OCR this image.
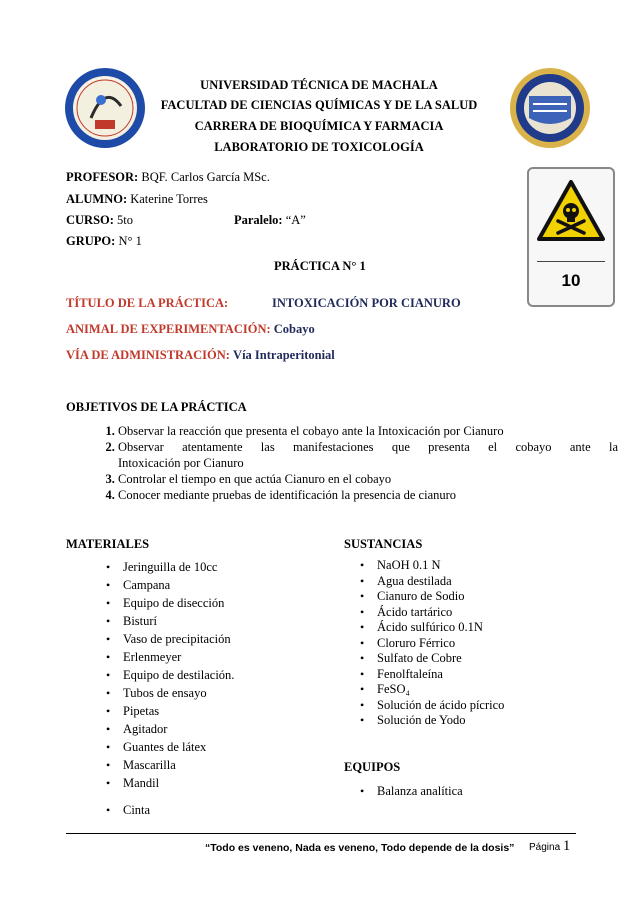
UNIVERSIDAD TÉCNICA DE MACHALA
FACULTAD DE CIENCIAS QUÍMICAS Y DE LA SALUD
CARRERA DE BIOQUÍMICA Y FARMACIA
LABORATORIO DE TOXICOLOGÍA
10
PROFESOR: BQF. Carlos García MSc.
ALUMNO: Katerine Torres
CURSO: 5to	Paralelo: “A”
GRUPO: N° 1
PRÁCTICA N° 1
TÍTULO DE LA PRÁCTICA:	INTOXICACIÓN POR CIANURO
ANIMAL DE EXPERIMENTACIÓN: Cobayo
VÍA DE ADMINISTRACIÓN: Vía Intraperitonial
OBJETIVOS DE LA PRÁCTICA
1. Observar la reacción que presenta el cobayo ante la Intoxicación por Cianuro
2. Observar atentamente las manifestaciones que presenta el cobayo ante la
Intoxicación por Cianuro
3. Controlar el tiempo en que actúa Cianuro en el cobayo
4. Conocer mediante pruebas de identificación la presencia de cianuro
MATERIALES
• Jeringuilla de 10cc
• Campana
• Equipo de disección
• Bisturí
• Vaso de precipitación
• Erlenmeyer
• Equipo de destilación.
• Tubos de ensayo
• Pipetas
• Agitador
• Guantes de látex
• Mascarilla
• Mandil
• Cinta
SUSTANCIAS
• NaOH 0.1 N
• Agua destilada
• Cianuro de Sodio
• Ácido tartárico
• Ácido sulfúrico 0.1N
• Cloruro Férrico
• Sulfato de Cobre
• Fenolftaleína
• FeSO₄
• Solución de ácido pícrico
• Solución de Yodo
EQUIPOS
• Balanza analítica
“Todo es veneno, Nada es veneno, Todo depende de la dosis” Página 1
